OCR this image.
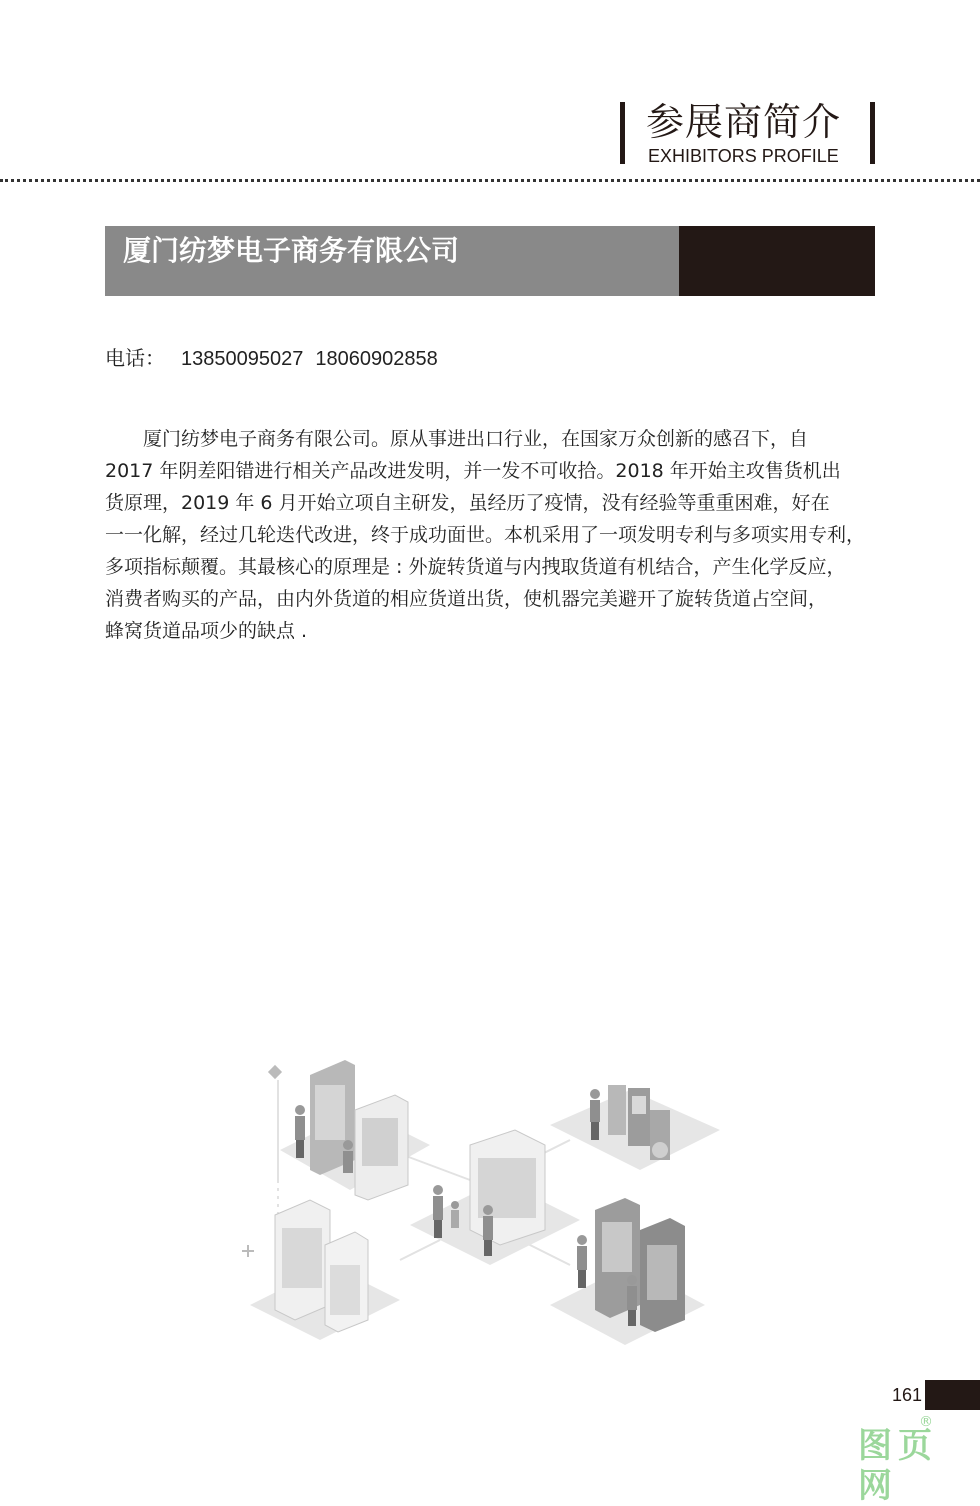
参展商简介
EXHIBITORS PROFILE
厦门纺梦电子商务有限公司
电话： 13850095027 18060902858

　　厦门纺梦电子商务有限公司。原从事进出口行业，在国家万众创新的感召下，自
2017 年阴差阳错进行相关产品改进发明，并一发不可收拾。2018 年开始主攻售货机出
货原理，2019 年 6 月开始立项自主研发，虽经历了疫情，没有经验等重重困难，好在
一一化解，经过几轮迭代改进，终于成功面世。本机采用了一项发明专利与多项实用专利，
多项指标颠覆。其最核心的原理是 : 外旋转货道与内拽取货道有机结合，产生化学反应，
消费者购买的产品，由内外货道的相应货道出货，使机器完美避开了旋转货道占空间，
蜂窝货道品项少的缺点 .

161
图页网
®
